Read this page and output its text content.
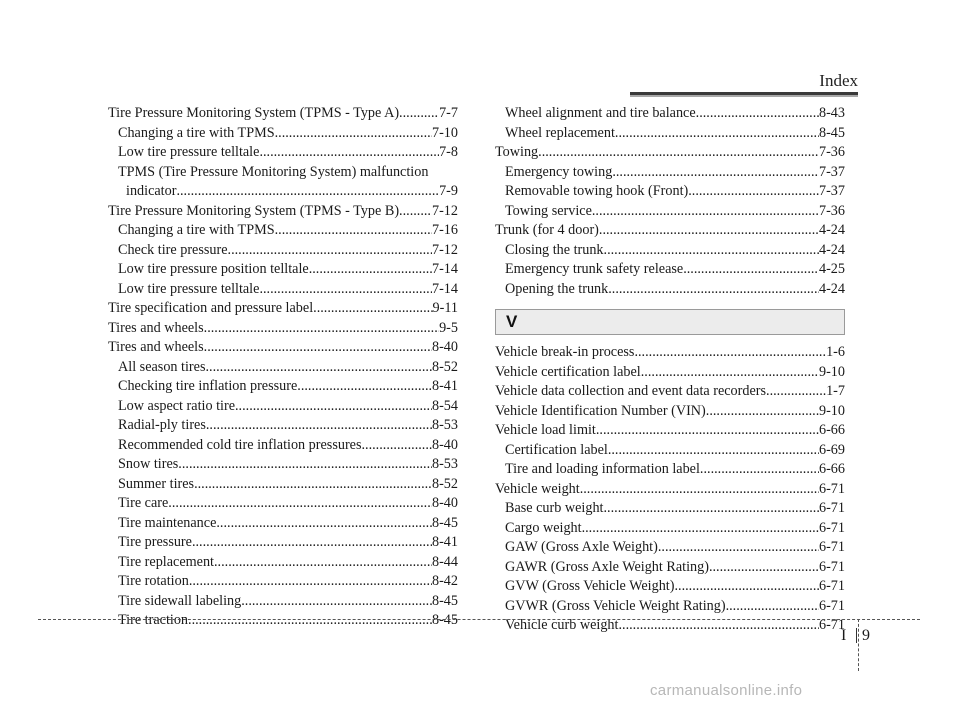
Index
Tire Pressure Monitoring System (TPMS - Type A) .....	7-7
Changing a tire with TPMS .....	7-10
Low tire pressure telltale .....	7-8
TPMS (Tire Pressure Monitoring System) malfunction
indicator .....	7-9
Tire Pressure Monitoring System (TPMS - Type B) ..... 7-12
Changing a tire with TPMS .....	7-16
Check tire pressure. .....	7-12
Low tire pressure position telltale .....	7-14
Low tire pressure telltale .....	7-14
Tire specification and pressure label .....	9-11
Tires and wheels .....	9-5
Tires and wheels .....	8-40
All season tires .....	8-52
Checking tire inflation pressure .....	8-41
Low aspect ratio tire .....	8-54
Radial-ply tires .....	8-53
Recommended cold tire inflation pressures. .....	8-40
Snow tires .....	8-53
Summer tires .....	8-52
Tire care .....	8-40
Tire maintenance .....	8-45
Tire pressure .....	8-41
Tire replacement .....	8-44
Tire rotation .....	8-42
Tire sidewall labeling .....	8-45
Tire traction .....	8-45
Wheel alignment and tire balance .....	8-43
Wheel replacement .....	8-45
Towing .....	7-36
Emergency towing .....	7-37
Removable towing hook (Front) .....	7-37
Towing service .....	7-36
Trunk (for 4 door) .....	4-24
Closing the trunk .....	4-24
Emergency trunk safety release .....	4-25
Opening the trunk .....	4-24
V
Vehicle break-in process .....	1-6
Vehicle certification label .....	9-10
Vehicle data collection and event data recorders .....	1-7
Vehicle Identification Number (VIN) .....	9-10
Vehicle load limit .....	6-66
Certification label .....	6-69
Tire and loading information label .....	6-66
Vehicle weight .....	6-71
Base curb weight .....	6-71
Cargo weight .....	6-71
GAW (Gross Axle Weight) .....	6-71
GAWR (Gross Axle Weight Rating) .....	6-71
GVW (Gross Vehicle Weight) .....	6-71
GVWR (Gross Vehicle Weight Rating) .....	6-71
Vehicle curb weight .....	6-71
I 9
carmanualsonline.info
